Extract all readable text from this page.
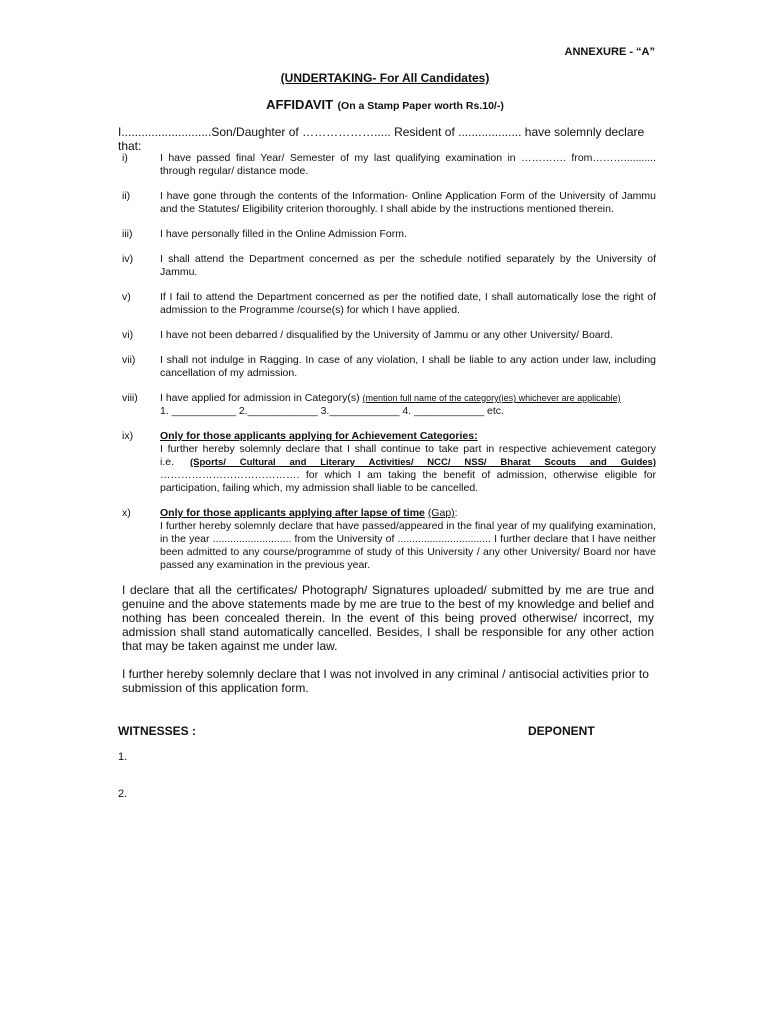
ANNEXURE - “A”
(UNDERTAKING- For All Candidates)
AFFIDAVIT (On a Stamp Paper worth Rs.10/-)
I...........................Son/Daughter of ………………..... Resident of ................... have solemnly declare that:
i)	I have passed final Year/ Semester of my last qualifying examination in …………. from………........... through regular/ distance mode.
ii)	I have gone through the contents of the Information- Online Application Form of the University of Jammu and the Statutes/ Eligibility criterion thoroughly. I shall abide by the instructions mentioned therein.
iii)	I have personally filled in the Online Admission Form.
iv)	I shall attend the Department concerned as per the schedule notified separately by the University of Jammu.
v)	If I fail to attend the Department concerned as per the notified date, I shall automatically lose the right of admission to the Programme /course(s) for which I have applied.
vi)	I have not been debarred / disqualified by the University of Jammu or any other University/ Board.
vii)	I shall not indulge in Ragging. In case of any violation, I shall be liable to any action under law, including cancellation of my admission.
viii)	I have applied for admission in Category(s) (mention full name of the category(ies) whichever are applicable)
1. ___________ 2.____________ 3.____________ 4. ____________ etc.
ix)	Only for those applicants applying for Achievement Categories:
I further hereby solemnly declare that I shall continue to take part in respective achievement category
i.e.	(Sports/ Cultural and Literary Activities/ NCC/ NSS/ Bharat Scouts and Guides)
…………………………………. for which I am taking the benefit of admission, otherwise eligible for participation, failing which, my admission shall liable to be cancelled.
x)	Only for those applicants applying after lapse of time (Gap):
I further hereby solemnly declare that have passed/appeared in the final year of my qualifying examination, in the year ........................... from the University of ................................ I further declare that I have neither been admitted to any course/programme of study of this University / any other University/ Board nor have passed any examination in the previous year.

I declare that all the certificates/ Photograph/ Signatures uploaded/ submitted by me are true and genuine and the above statements made by me are true to the best of my knowledge and belief and nothing has been concealed therein. In the event of this being proved otherwise/ incorrect, my admission shall stand automatically cancelled. Besides, I shall be responsible for any other action that may be taken against me under law.

I further hereby solemnly declare that I was not involved in any criminal / antisocial activities prior to submission of this application form.

WITNESSES :	DEPONENT
1.
2.
